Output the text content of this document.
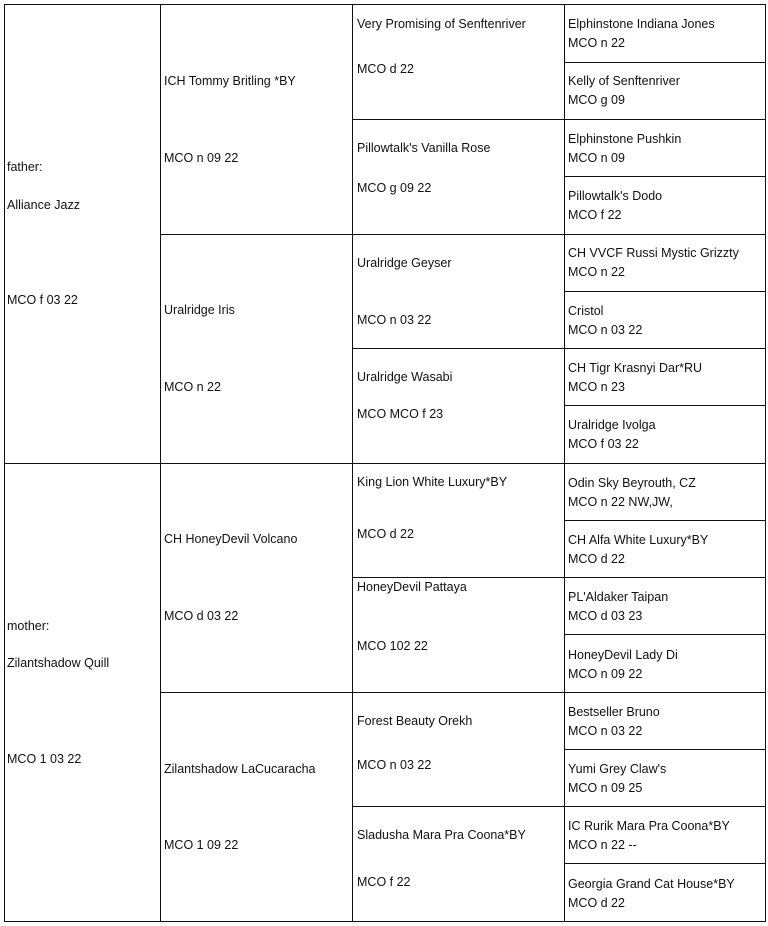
father:
Alliance Jazz
MCO f 03 22
mother:
Zilantshadow Quill
MCO 1 03 22
ICH Tommy Britling *BY
MCO n 09 22
Uralridge Iris
MCO n 22
CH HoneyDevil Volcano
MCO d 03 22
Zilantshadow LaCucaracha
MCO 1 09 22
Very Promising of Senftenriver
MCO d 22
Pillowtalk's Vanilla Rose
MCO g 09 22
Uralridge Geyser
MCO n 03 22
Uralridge Wasabi
MCO MCO f 23
King Lion White Luxury*BY
MCO d 22
HoneyDevil Pattaya
MCO 102 22
Forest Beauty Orekh
MCO n 03 22
Sladusha Mara Pra Coona*BY
MCO f 22
Elphinstone Indiana Jones
MCO n 22
Kelly of Senftenriver
MCO g 09
Elphinstone Pushkin
MCO n 09
Pillowtalk's Dodo
MCO f 22
CH VVCF Russi Mystic Grizzty
MCO n 22
Cristol
MCO n 03 22
CH Tigr Krasnyi Dar*RU
MCO n 23
Uralridge Ivolga
MCO f 03 22
Odin Sky Beyrouth, CZ
MCO n 22 NW,JW,
CH Alfa White Luxury*BY
MCO d 22
PL'Aldaker Taipan
MCO d 03 23
HoneyDevil Lady Di
MCO n 09 22
Bestseller Bruno
MCO n 03 22
Yumi Grey Claw's
MCO n 09 25
IC Rurik Mara Pra Coona*BY
MCO n 22 --
Georgia Grand Cat House*BY
MCO d 22
